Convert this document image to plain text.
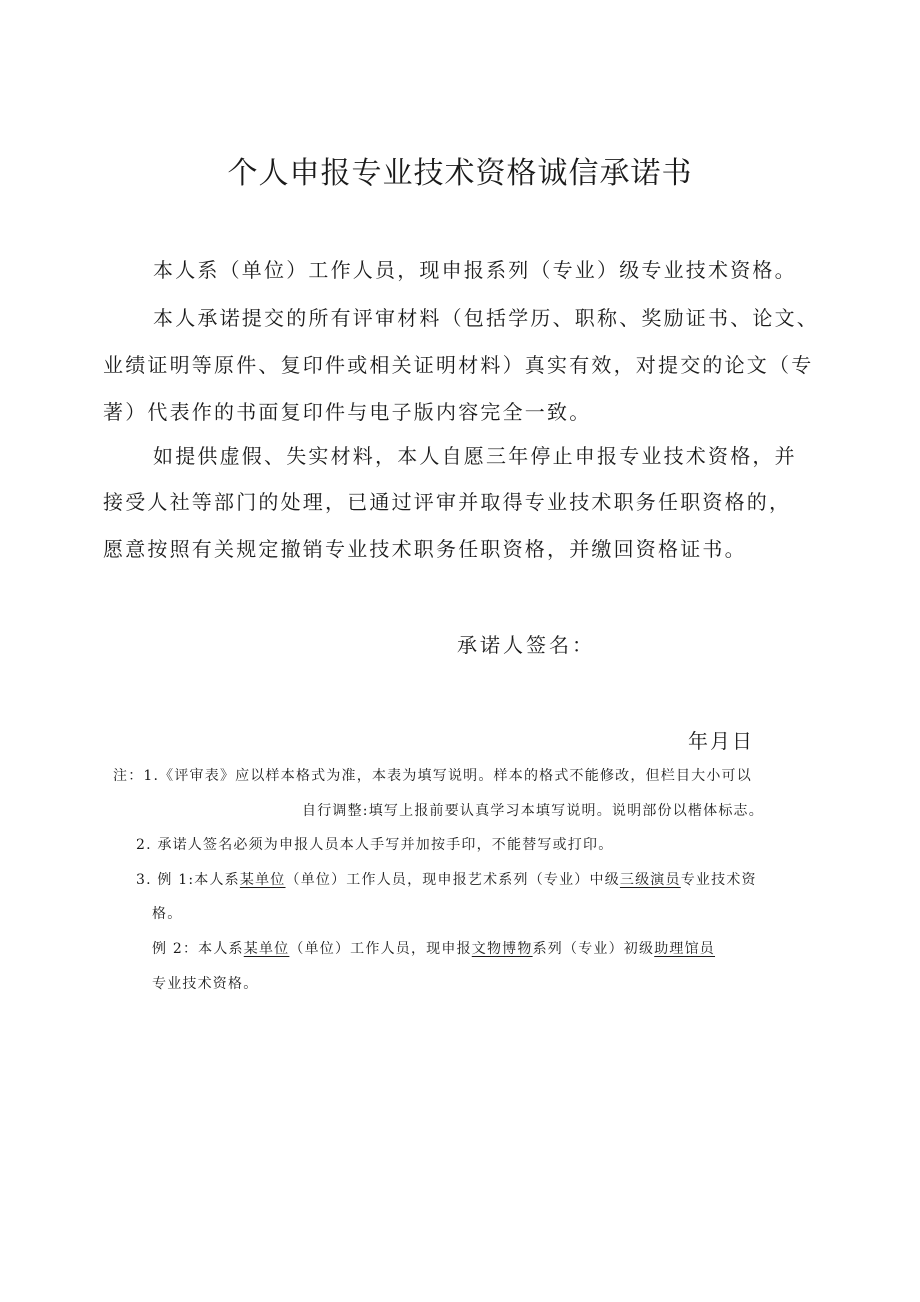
个人申报专业技术资格诚信承诺书
本人系（单位）工作人员，现申报系列（专业）级专业技术资格。
本人承诺提交的所有评审材料（包括学历、职称、奖励证书、论文、
业绩证明等原件、复印件或相关证明材料）真实有效，对提交的论文（专
著）代表作的书面复印件与电子版内容完全一致。
如提供虚假、失实材料，本人自愿三年停止申报专业技术资格，并
接受人社等部门的处理，已通过评审并取得专业技术职务任职资格的，
愿意按照有关规定撤销专业技术职务任职资格，并缴回资格证书。
承诺人签名：
年月日
注：1.《评审表》应以样本格式为准，本表为填写说明。样本的格式不能修改，但栏目大小可以
自行调整:填写上报前要认真学习本填写说明。说明部份以楷体标志。
2. 承诺人签名必须为申报人员本人手写并加按手印，不能替写或打印。
3. 例 1:本人系某单位（单位）工作人员，现申报艺术系列（专业）中级三级演员专业技术资
格。
例 2：本人系某单位（单位）工作人员，现申报文物博物系列（专业）初级助理馆员
专业技术资格。
